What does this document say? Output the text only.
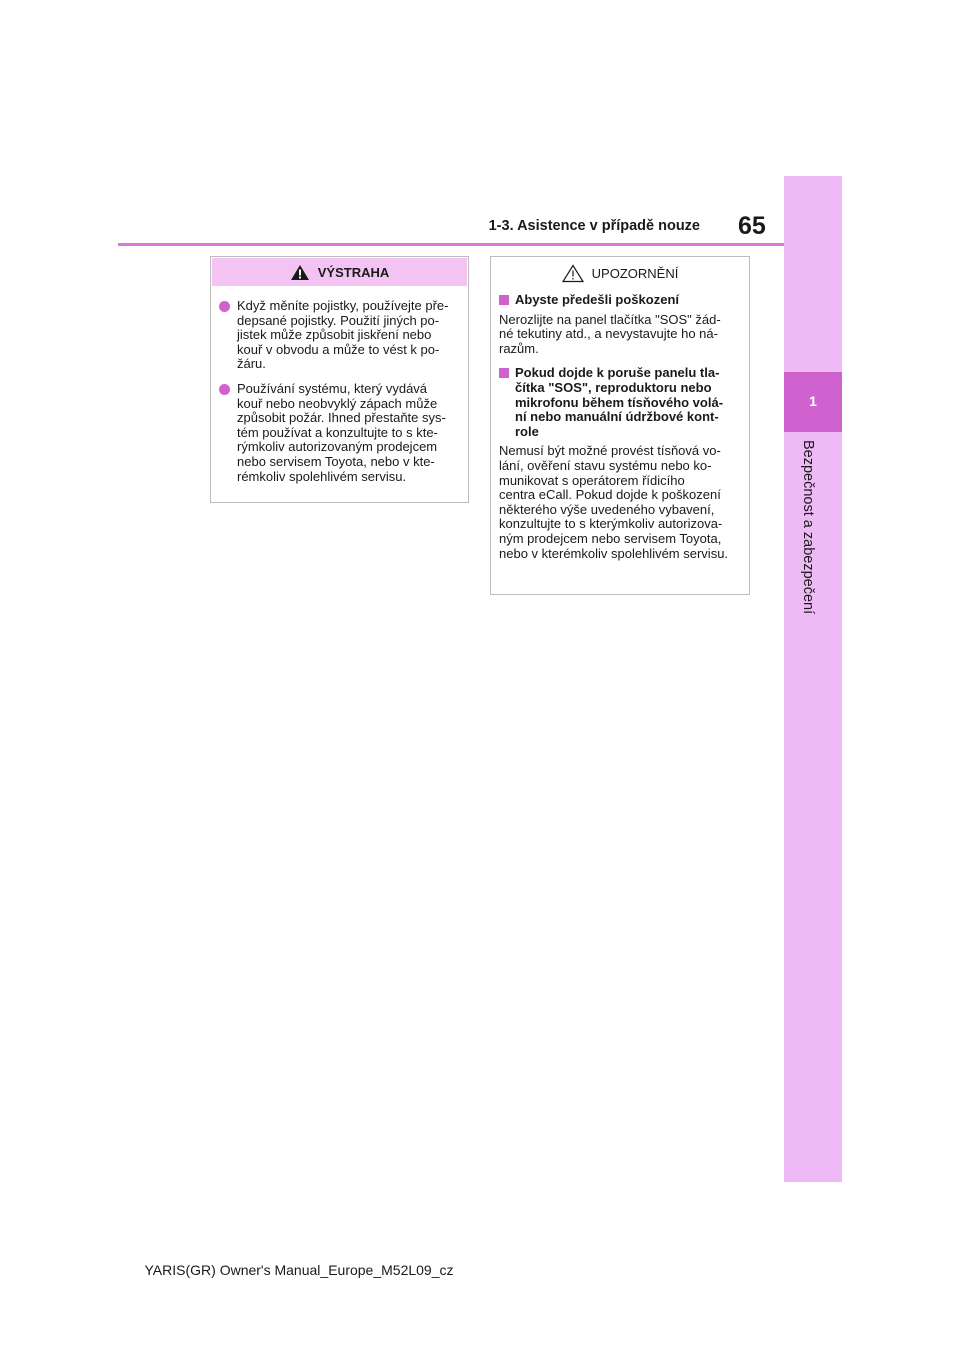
1-3. Asistence v případě nouze 65
1
Bezpečnost a zabezpečení
VÝSTRAHA
Když měníte pojistky, používejte pře-
depsané pojistky. Použití jiných po-
jistek může způsobit jiskření nebo
kouř v obvodu a může to vést k po-
žáru.
Používání systému, který vydává
kouř nebo neobvyklý zápach může
způsobit požár. Ihned přestaňte sys-
tém používat a konzultujte to s kte-
rýmkoliv autorizovaným prodejcem
nebo servisem Toyota, nebo v kte-
rémkoliv spolehlivém servisu.
UPOZORNĚNÍ
Abyste předešli poškození
Nerozlijte na panel tlačítka "SOS" žád-
né tekutiny atd., a nevystavujte ho ná-
razům.
Pokud dojde k poruše panelu tla-
čítka "SOS", reproduktoru nebo
mikrofonu během tísňového volá-
ní nebo manuální údržbové kont-
role
Nemusí být možné provést tísňová vo-
lání, ověření stavu systému nebo ko-
munikovat s operátorem řídicího
centra eCall. Pokud dojde k poškození
některého výše uvedeného vybavení,
konzultujte to s kterýmkoliv autorizova-
ným prodejcem nebo servisem Toyota,
nebo v kterémkoliv spolehlivém servisu.
YARIS(GR) Owner's Manual_Europe_M52L09_cz
